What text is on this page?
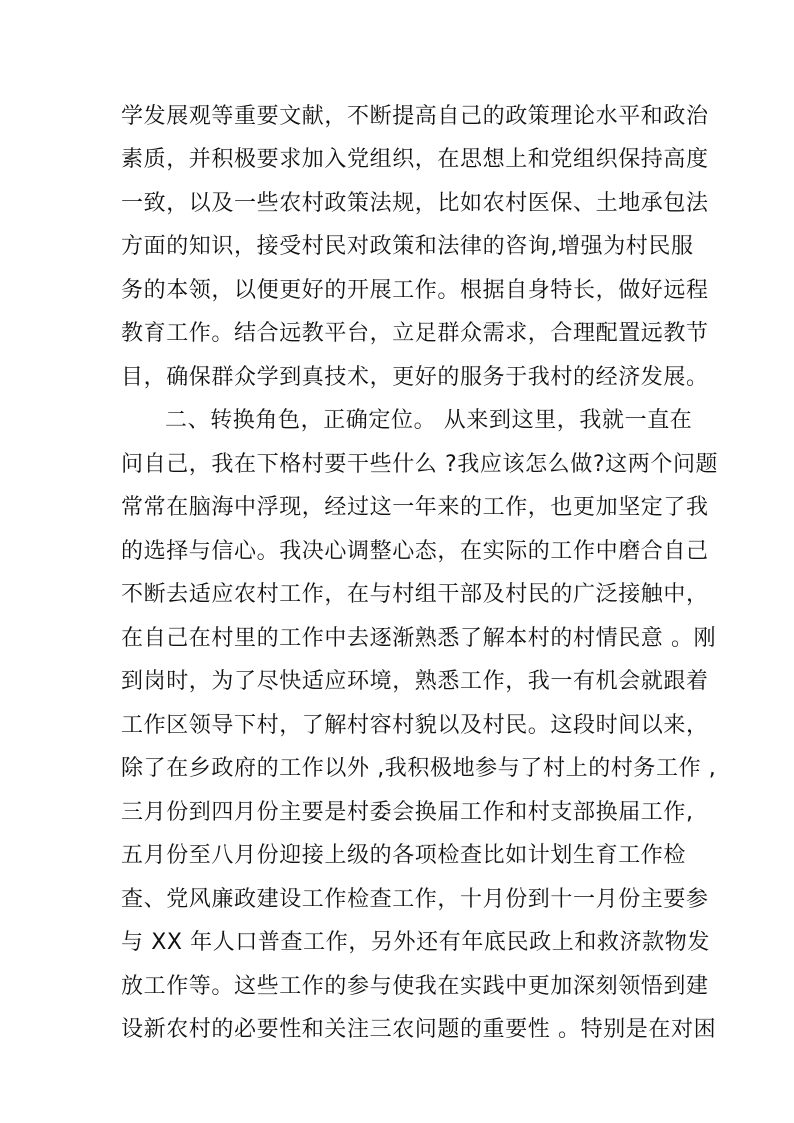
学发展观等重要文献，不断提高自己的政策理论水平和政治
素质，并积极要求加入党组织，在思想上和党组织保持高度
一致，以及一些农村政策法规，比如农村医保、土地承包法
方面的知识，接受村民对政策和法律的咨询,增强为村民服
务的本领，以便更好的开展工作。根据自身特长，做好远程
教育工作。结合远教平台，立足群众需求，合理配置远教节
目，确保群众学到真技术，更好的服务于我村的经济发展。
二、转换角色，正确定位。 从来到这里，我就一直在
问自己，我在下格村要干些什么 ?我应该怎么做?这两个问题
常常在脑海中浮现，经过这一年来的工作，也更加坚定了我
的选择与信心。我决心调整心态，在实际的工作中磨合自己
不断去适应农村工作，在与村组干部及村民的广泛接触中，
在自己在村里的工作中去逐渐熟悉了解本村的村情民意 。刚
到岗时，为了尽快适应环境，熟悉工作，我一有机会就跟着
工作区领导下村，了解村容村貌以及村民。这段时间以来，
除了在乡政府的工作以外 ,我积极地参与了村上的村务工作 ,
三月份到四月份主要是村委会换届工作和村支部换届工作,
五月份至八月份迎接上级的各项检查比如计划生育工作检
查、党风廉政建设工作检查工作，十月份到十一月份主要参
与 XX 年人口普查工作，另外还有年底民政上和救济款物发
放工作等。这些工作的参与使我在实践中更加深刻领悟到建
设新农村的必要性和关注三农问题的重要性 。特别是在对困
